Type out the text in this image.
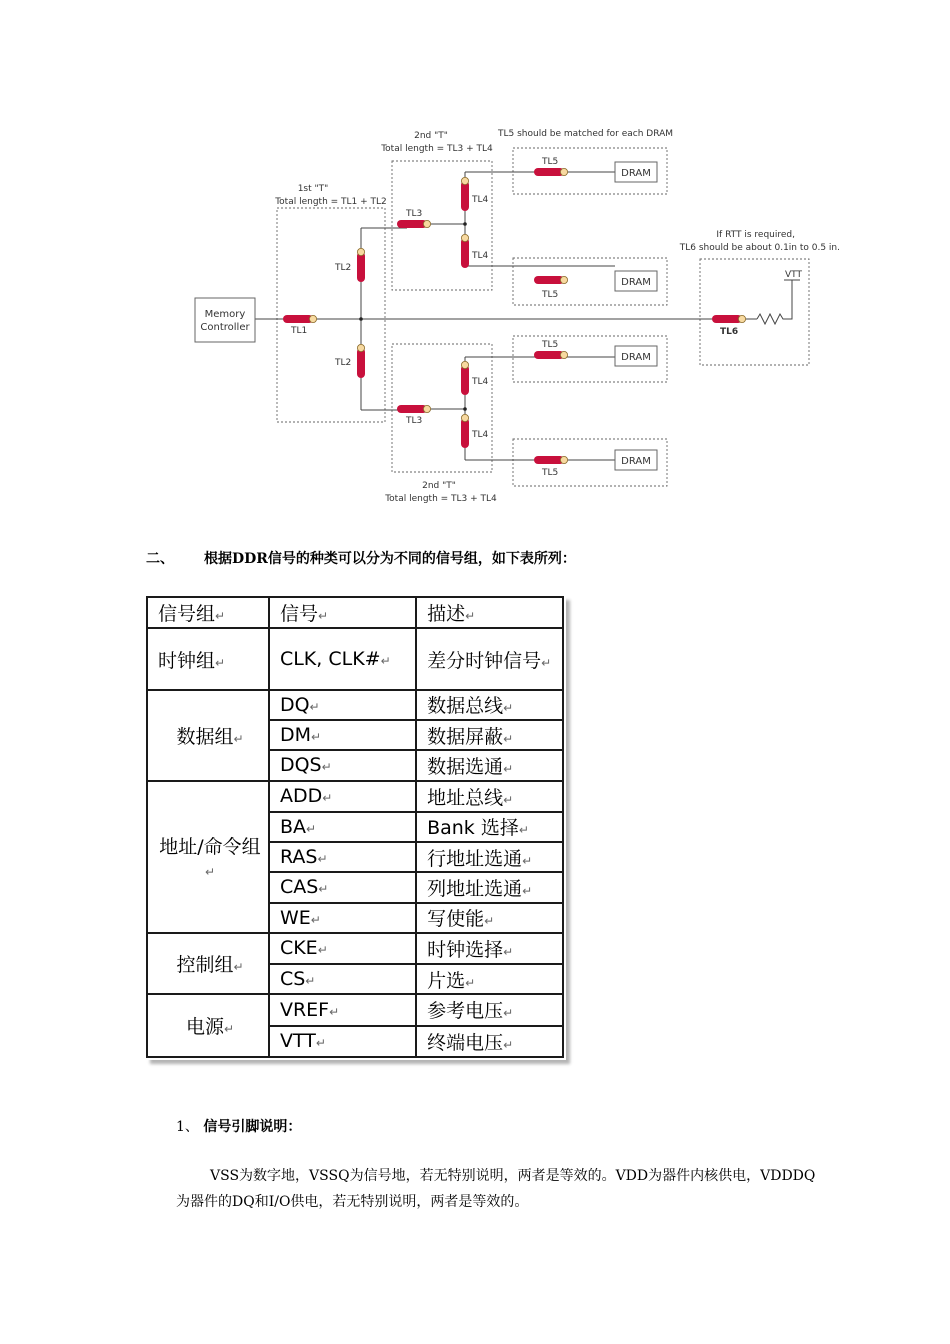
Memory
Controller
DRAM
DRAM
DRAM
DRAM
TL1
TL2
TL2
TL3
TL3
TL4
TL4
TL4
TL4
TL5
TL5
TL5
TL5
TL6
1st "T"
Total length = TL1 + TL2
2nd "T"
Total length = TL3 + TL4
2nd "T"
Total length = TL3 + TL4
TL5 should be matched for each DRAM
If RTT is required,
TL6 should be about 0.1in to 0.5 in.
VTT
二、 根据DDR信号的种类可以分为不同的信号组，如下表所列：
信号组↵	信号↵	描述↵
时钟组↵	CLK, CLK#↵	差分时钟信号↵
数据组↵	DQ↵	数据总线↵
	DM↵	数据屏蔽↵
	DQS↵	数据选通↵
地址/命令组↵	ADD↵	地址总线↵
	BA↵	Bank 选择↵
	RAS↵	行地址选通↵
	CAS↵	列地址选通↵
	WE↵	写使能↵
控制组↵	CKE↵	时钟选择↵
	CS↵	片选↵
电源↵	VREF↵	参考电压↵
	VTT↵	终端电压↵
1、 信号引脚说明：
VSS为数字地，VSSQ为信号地，若无特别说明，两者是等效的。VDD为器件内核供电，VDDDQ为器件的DQ和I/O供电，若无特别说明，两者是等效的。
